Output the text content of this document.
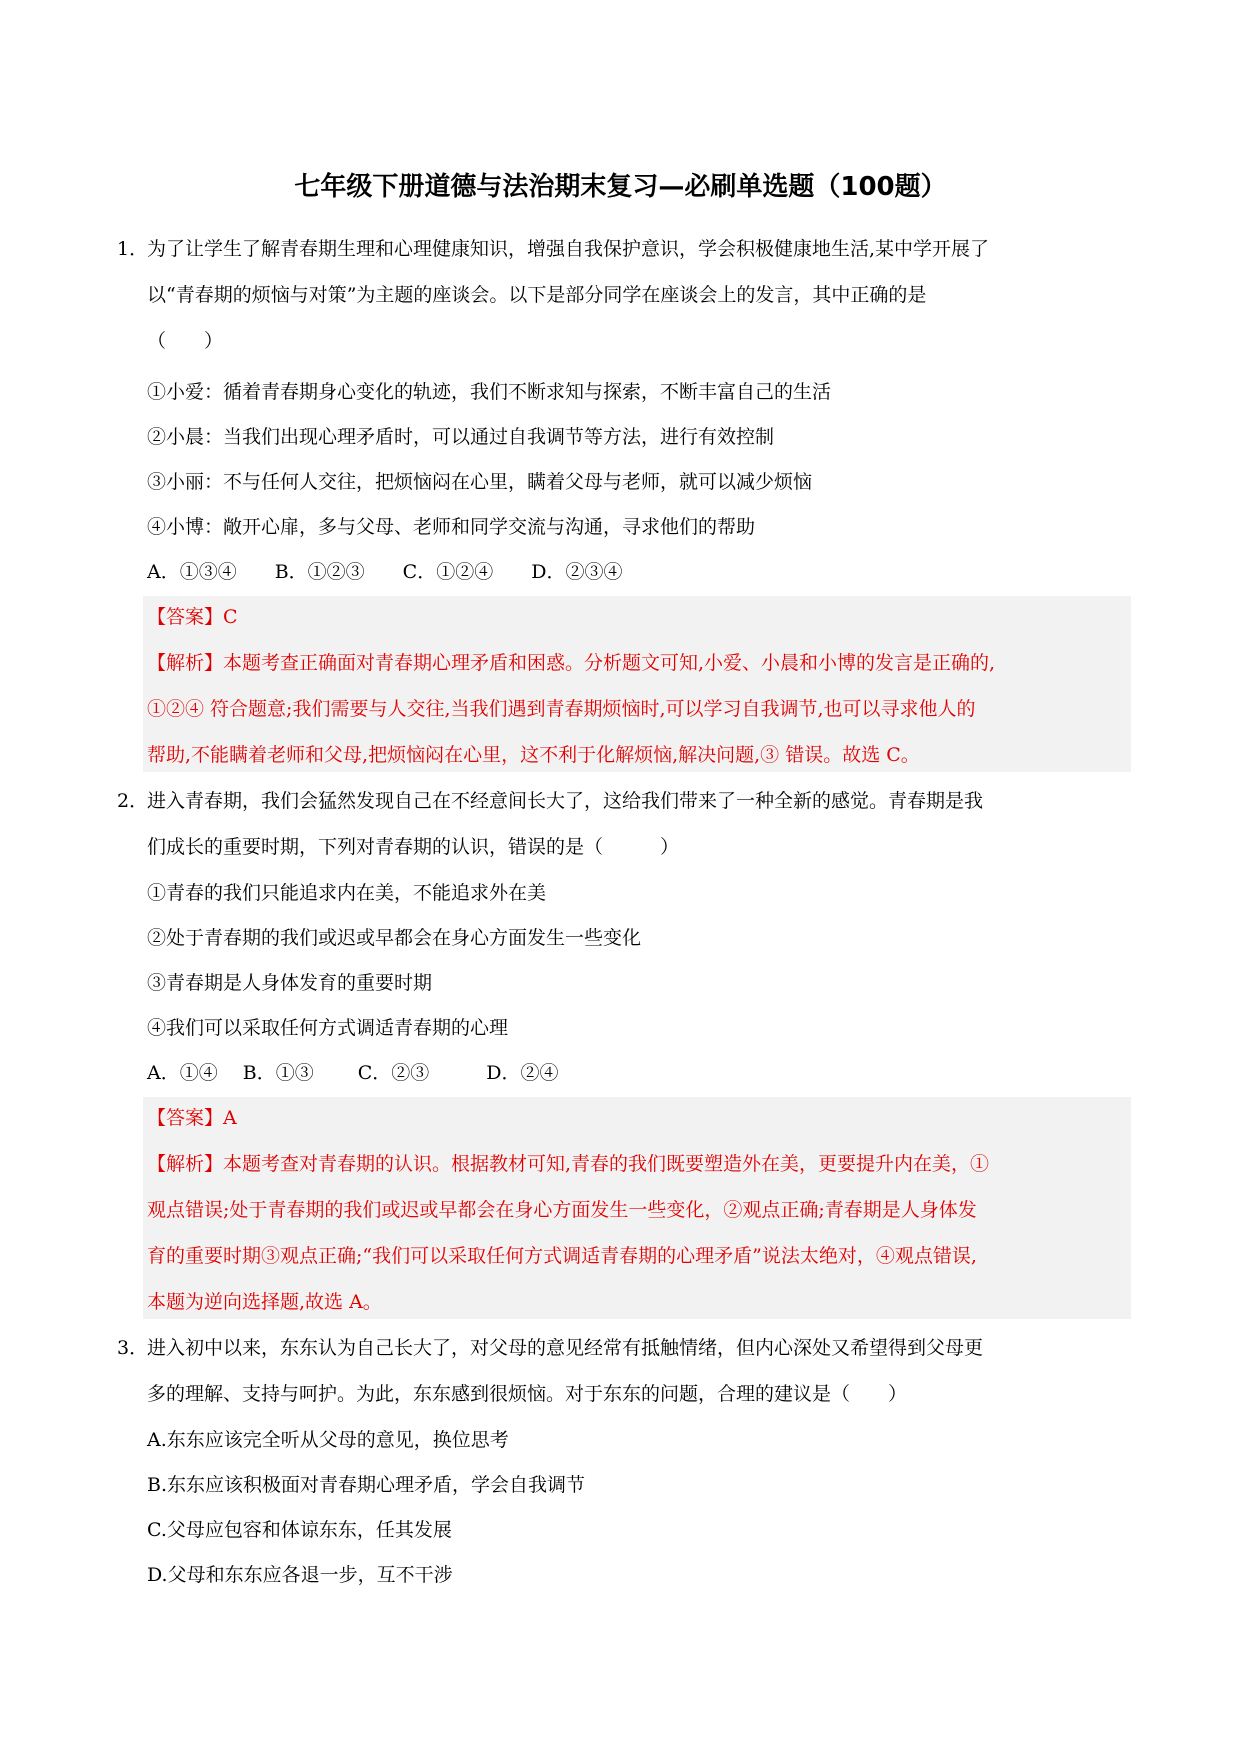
七年级下册道德与法治期末复习—必刷单选题（100题）
1．
为了让学生了解青春期生理和心理健康知识，增强自我保护意识，学会积极健康地生活,某中学开展了
以“青春期的烦恼与对策”为主题的座谈会。以下是部分同学在座谈会上的发言，其中正确的是
（　　）
①小爱：循着青春期身心变化的轨迹，我们不断求知与探索，不断丰富自己的生活
②小晨：当我们出现心理矛盾时，可以通过自我调节等方法，进行有效控制
③小丽：不与任何人交往，把烦恼闷在心里，瞒着父母与老师，就可以减少烦恼
④小博：敞开心扉，多与父母、老师和同学交流与沟通，寻求他们的帮助
A．①③④　　B．①②③　　C．①②④　　D．②③④
【答案】C
【解析】本题考查正确面对青春期心理矛盾和困惑。分析题文可知,小爱、小晨和小博的发言是正确的,
①②④ 符合题意;我们需要与人交往,当我们遇到青春期烦恼时,可以学习自我调节,也可以寻求他人的
帮助,不能瞒着老师和父母,把烦恼闷在心里，这不利于化解烦恼,解决问题,③ 错误。故选 C。
2．
进入青春期，我们会猛然发现自己在不经意间长大了，这给我们带来了一种全新的感觉。青春期是我
们成长的重要时期，下列对青春期的认识，错误的是（　　　）
①青春的我们只能追求内在美，不能追求外在美
②处于青春期的我们或迟或早都会在身心方面发生一些变化
③青春期是人身体发育的重要时期
④我们可以采取任何方式调适青春期的心理
A．①④　 B．①③　　 C．②③　　　D．②④
【答案】A
【解析】本题考查对青春期的认识。根据教材可知,青春的我们既要塑造外在美，更要提升内在美，①
观点错误;处于青春期的我们或迟或早都会在身心方面发生一些变化，②观点正确;青春期是人身体发
育的重要时期③观点正确;“我们可以采取任何方式调适青春期的心理矛盾”说法太绝对，④观点错误,
本题为逆向选择题,故选 A。
3．
进入初中以来，东东认为自己长大了，对父母的意见经常有抵触情绪，但内心深处又希望得到父母更
多的理解、支持与呵护。为此，东东感到很烦恼。对于东东的问题，合理的建议是（　　）
A.东东应该完全听从父母的意见，换位思考
B.东东应该积极面对青春期心理矛盾，学会自我调节
C.父母应包容和体谅东东，任其发展
D.父母和东东应各退一步，互不干涉
